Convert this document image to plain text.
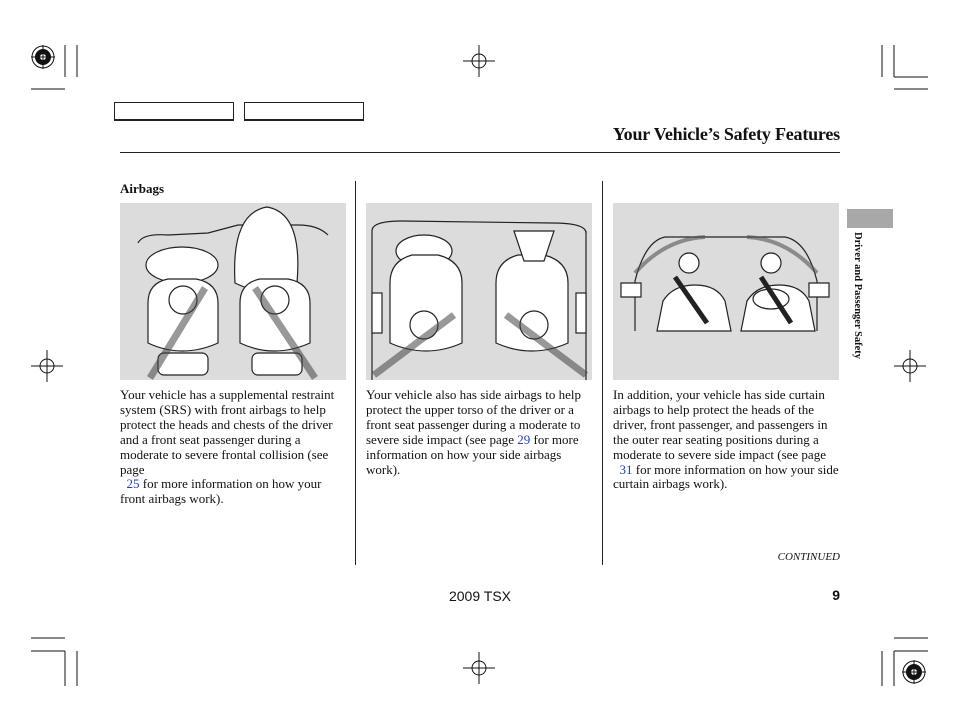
Your Vehicle’s Safety Features
Airbags
Your vehicle has a supplemental restraint system (SRS) with front airbags to help protect the heads and chests of the driver and a front seat passenger during a moderate to severe frontal collision (see page
25 for more information on how your front airbags work).
Your vehicle also has side airbags to help protect the upper torso of the driver or a front seat passenger during a moderate to severe side impact (see page 29 for more information on how your side airbags work).
In addition, your vehicle has side curtain airbags to help protect the heads of the driver, front passenger, and passengers in the outer rear seating positions during a moderate to severe side impact (see page
31 for more information on how your side curtain airbags work).
Driver and Passenger Safety
CONTINUED
2009 TSX	9
